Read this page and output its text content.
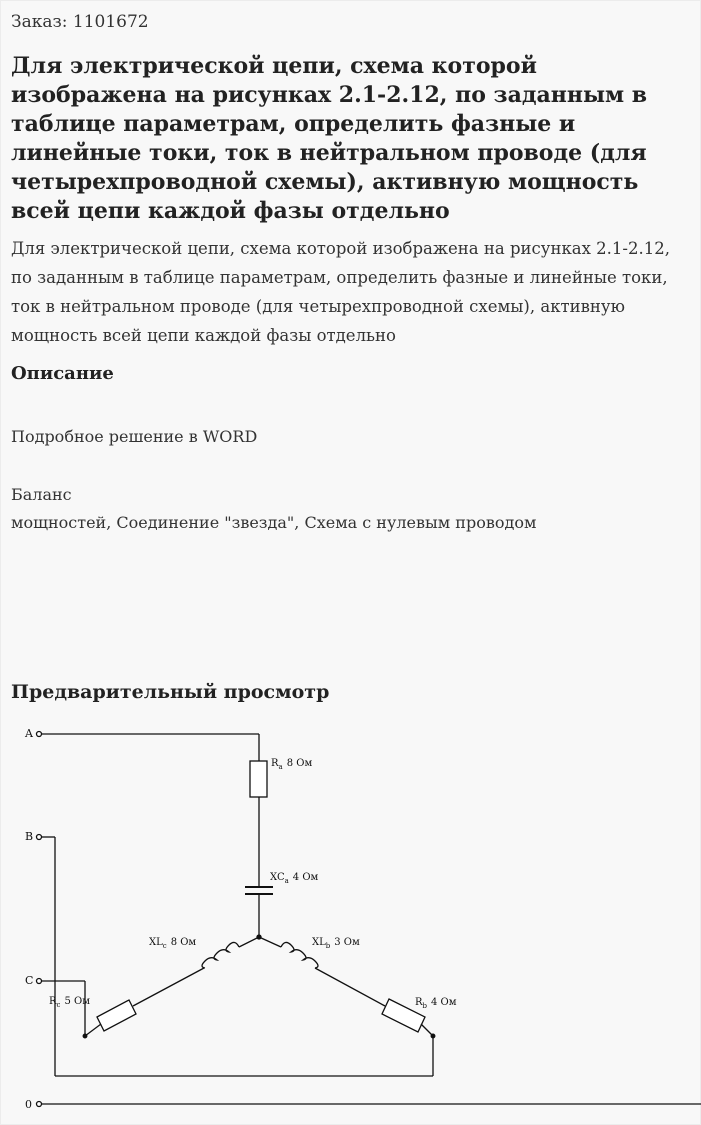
Заказ: 1101672
Для электрической цепи, схема которой изображена на рисунках 2.1-2.12, по заданным в таблице параметрам, определить фазные и линейные токи, ток в нейтральном проводе (для четырехпроводной схемы), активную мощность всей цепи каждой фазы отдельно
Для электрической цепи, схема которой изображена на рисунках 2.1-2.12, по заданным в таблице параметрам, определить фазные и линейные токи, ток в нейтральном проводе (для четырехпроводной схемы), активную мощность всей цепи каждой фазы отдельно
Описание
Подробное решение в WORD
Баланс
мощностей, Соединение "звезда", Схема с нулевым проводом
Предварительный просмотр
A
B
C
0
$R_a$ 8 Ом
$XC_a$ 4 Ом
$XL_c$ 8 Ом	$XL_b$ 3 Ом
$R_c$ 5 Ом	$R_b$ 4 Ом
